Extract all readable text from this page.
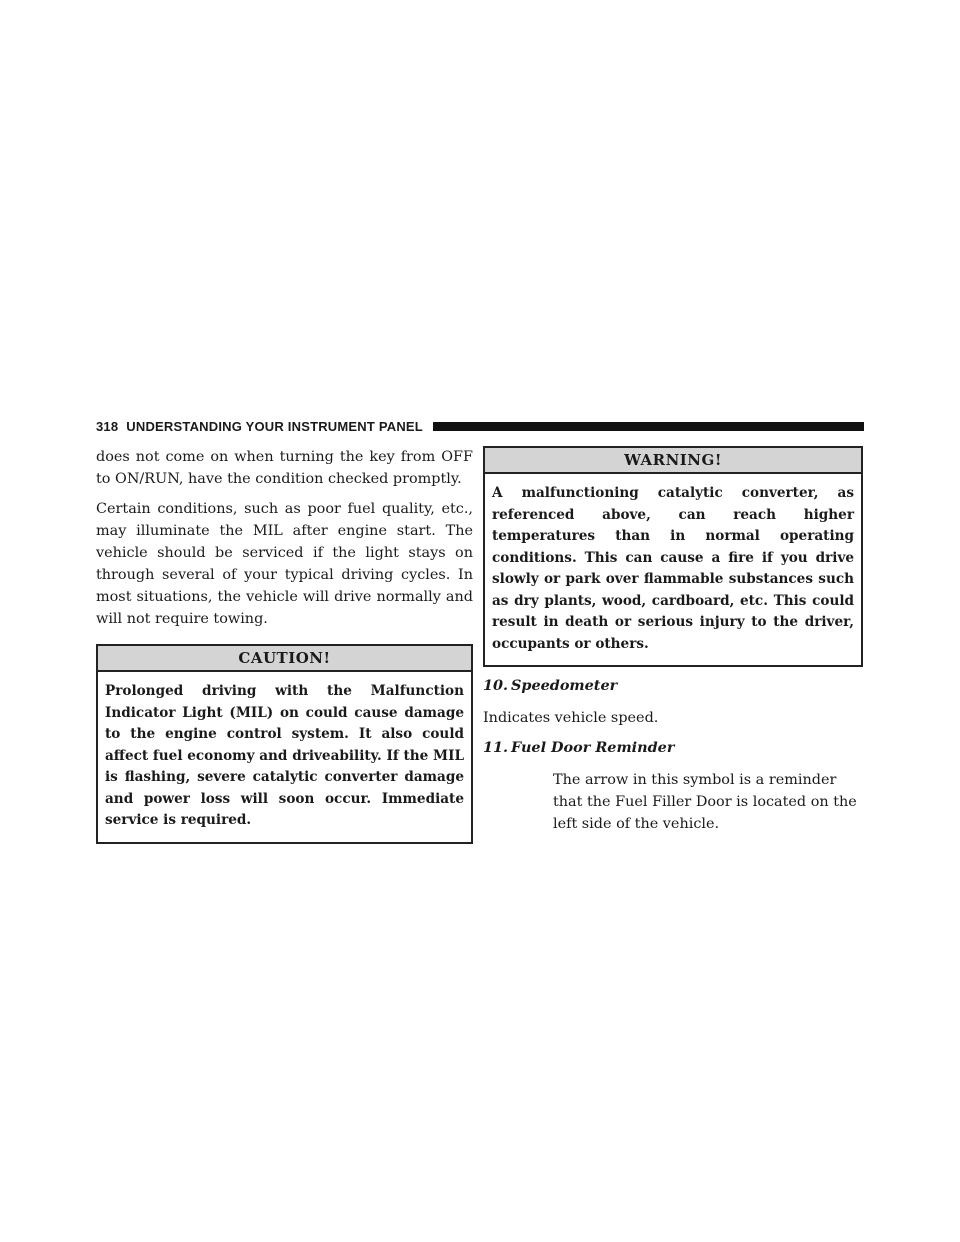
318 UNDERSTANDING YOUR INSTRUMENT PANEL

does not come on when turning the key from OFF to ON/RUN, have the condition checked promptly.

Certain conditions, such as poor fuel quality, etc., may illuminate the MIL after engine start. The vehicle should be serviced if the light stays on through several of your typical driving cycles. In most situations, the vehicle will drive normally and will not require towing.

CAUTION!
Prolonged driving with the Malfunction Indicator Light (MIL) on could cause damage to the engine control system. It also could affect fuel economy and driveability. If the MIL is flashing, severe catalytic converter damage and power loss will soon occur. Immediate service is required.
WARNING!
A malfunctioning catalytic converter, as referenced above, can reach higher temperatures than in normal operating conditions. This can cause a fire if you drive slowly or park over flammable substances such as dry plants, wood, cardboard, etc. This could result in death or serious injury to the driver, occupants or others.
10. Speedometer

Indicates vehicle speed.

11. Fuel Door Reminder

The arrow in this symbol is a reminder that the Fuel Filler Door is located on the left side of the vehicle.
